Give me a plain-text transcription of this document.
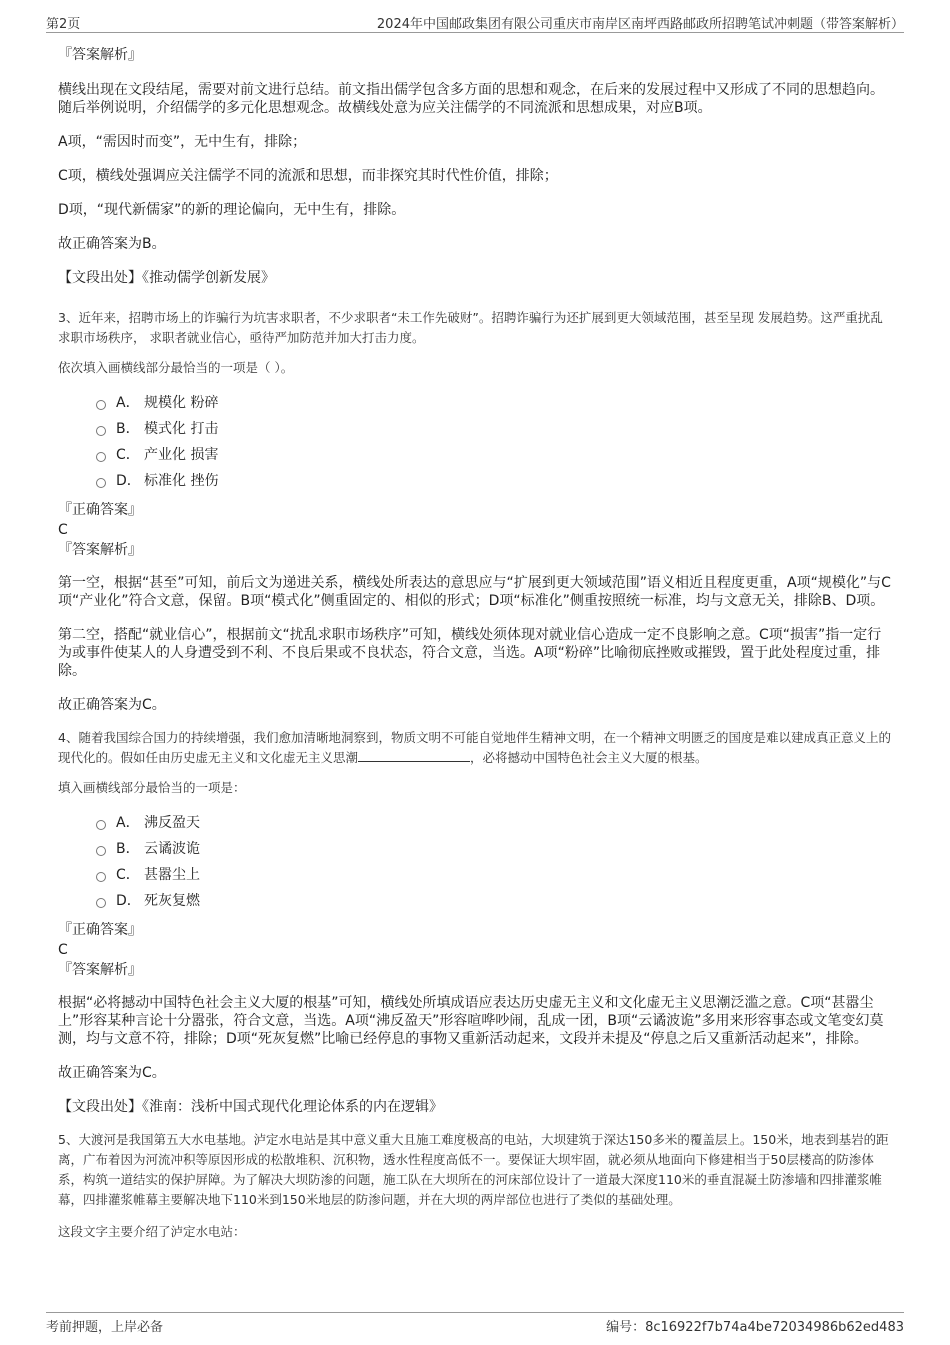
第2页	2024年中国邮政集团有限公司重庆市南岸区南坪西路邮政所招聘笔试冲刺题（带答案解析）

『答案解析』

横线出现在文段结尾，需要对前文进行总结。前文指出儒学包含多方面的思想和观念，在后来的发展过程中又形成了不同的思想趋向。随后举例说明，介绍儒学的多元化思想观念。故横线处意为应关注儒学的不同流派和思想成果，对应B项。

A项，“需因时而变”，无中生有，排除；

C项，横线处强调应关注儒学不同的流派和思想，而非探究其时代性价值，排除；

D项，“现代新儒家”的新的理论偏向，无中生有，排除。

故正确答案为B。

【文段出处】《推动儒学创新发展》

3、近年来，招聘市场上的诈骗行为坑害求职者，不少求职者“未工作先破财”。招聘诈骗行为还扩展到更大领域范围，甚至呈现 发展趋势。这严重扰乱求职市场秩序， 求职者就业信心，亟待严加防范并加大打击力度。

依次填入画横线部分最恰当的一项是（ ）。

A． 规模化 粉碎
B． 模式化 打击
C． 产业化 损害
D． 标准化 挫伤

『正确答案』

C

『答案解析』

第一空，根据“甚至”可知，前后文为递进关系，横线处所表达的意思应与“扩展到更大领域范围”语义相近且程度更重，A项“规模化”与C项“产业化”符合文意，保留。B项“模式化”侧重固定的、相似的形式；D项“标准化”侧重按照统一标准，均与文意无关，排除B、D项。

第二空，搭配“就业信心”，根据前文“扰乱求职市场秩序”可知，横线处须体现对就业信心造成一定不良影响之意。C项“损害”指一定行为或事件使某人的人身遭受到不利、不良后果或不良状态，符合文意，当选。A项“粉碎”比喻彻底挫败或摧毁，置于此处程度过重，排除。

故正确答案为C。

4、随着我国综合国力的持续增强，我们愈加清晰地洞察到，物质文明不可能自觉地伴生精神文明，在一个精神文明匮乏的国度是难以建成真正意义上的现代化的。假如任由历史虚无主义和文化虚无主义思潮	，必将撼动中国特色社会主义大厦的根基。

填入画横线部分最恰当的一项是：

A． 沸反盈天
B． 云谲波诡
C． 甚嚣尘上
D． 死灰复燃

『正确答案』

C

『答案解析』

根据“必将撼动中国特色社会主义大厦的根基”可知，横线处所填成语应表达历史虚无主义和文化虚无主义思潮泛滥之意。C项“甚嚣尘上”形容某种言论十分嚣张，符合文意，当选。A项“沸反盈天”形容喧哗吵闹，乱成一团，B项“云谲波诡”多用来形容事态或文笔变幻莫测，均与文意不符，排除；D项“死灰复燃”比喻已经停息的事物又重新活动起来，文段并未提及“停息之后又重新活动起来”，排除。

故正确答案为C。

【文段出处】《淮南：浅析中国式现代化理论体系的内在逻辑》

5、大渡河是我国第五大水电基地。泸定水电站是其中意义重大且施工难度极高的电站，大坝建筑于深达150多米的覆盖层上。150米，地表到基岩的距离，广布着因为河流冲积等原因形成的松散堆积、沉积物，透水性程度高低不一。要保证大坝牢固，就必须从地面向下修建相当于50层楼高的防渗体系，构筑一道结实的保护屏障。为了解决大坝防渗的问题，施工队在大坝所在的河床部位设计了一道最大深度110米的垂直混凝土防渗墙和四排灌浆帷幕，四排灌浆帷幕主要解决地下110米到150米地层的防渗问题，并在大坝的两岸部位也进行了类似的基础处理。

这段文字主要介绍了泸定水电站：

考前押题，上岸必备	编号：8c16922f7b74a4be72034986b62ed483
